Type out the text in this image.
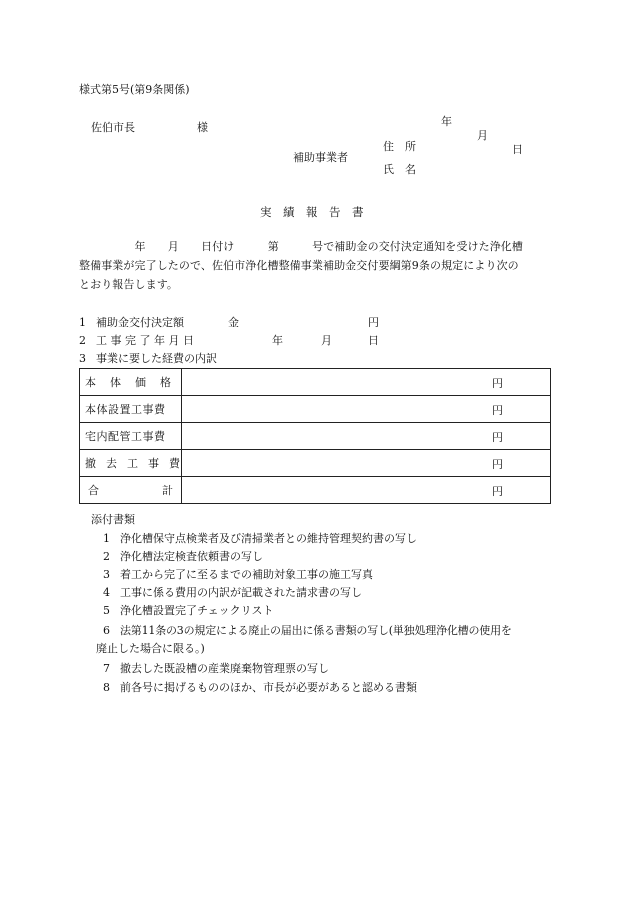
様式第5号(第9条関係)

年

月

日

佐伯市長	様
住　所
補助事業者
氏　名
実　績　報　告　書
　　　　　年　　月　　日付け　　　第　　　号で補助金の交付決定通知を受けた浄化槽
整備事業が完了したので、佐伯市浄化槽整備事業補助金交付要綱第9条の規定により次の
とおり報告します。
1 補助金交付決定額	金	円
2 工 事 完 了 年 月 日	年	月	日
3 事業に要した経費の内訳
本　体　価　格	円

本体設置工事費	円

宅内配管工事費	円

撤　去　工　事　費	円

合 計	円
添付書類
1 浄化槽保守点検業者及び清掃業者との維持管理契約書の写し
2 浄化槽法定検査依頼書の写し
3 着工から完了に至るまでの補助対象工事の施工写真
4 工事に係る費用の内訳が記載された請求書の写し
5 浄化槽設置完了チェックリスト
6 法第11条の3の規定による廃止の届出に係る書類の写し(単独処理浄化槽の使用を
廃止した場合に限る。)
7 撤去した既設槽の産業廃棄物管理票の写し
8 前各号に掲げるもののほか、市長が必要があると認める書類
